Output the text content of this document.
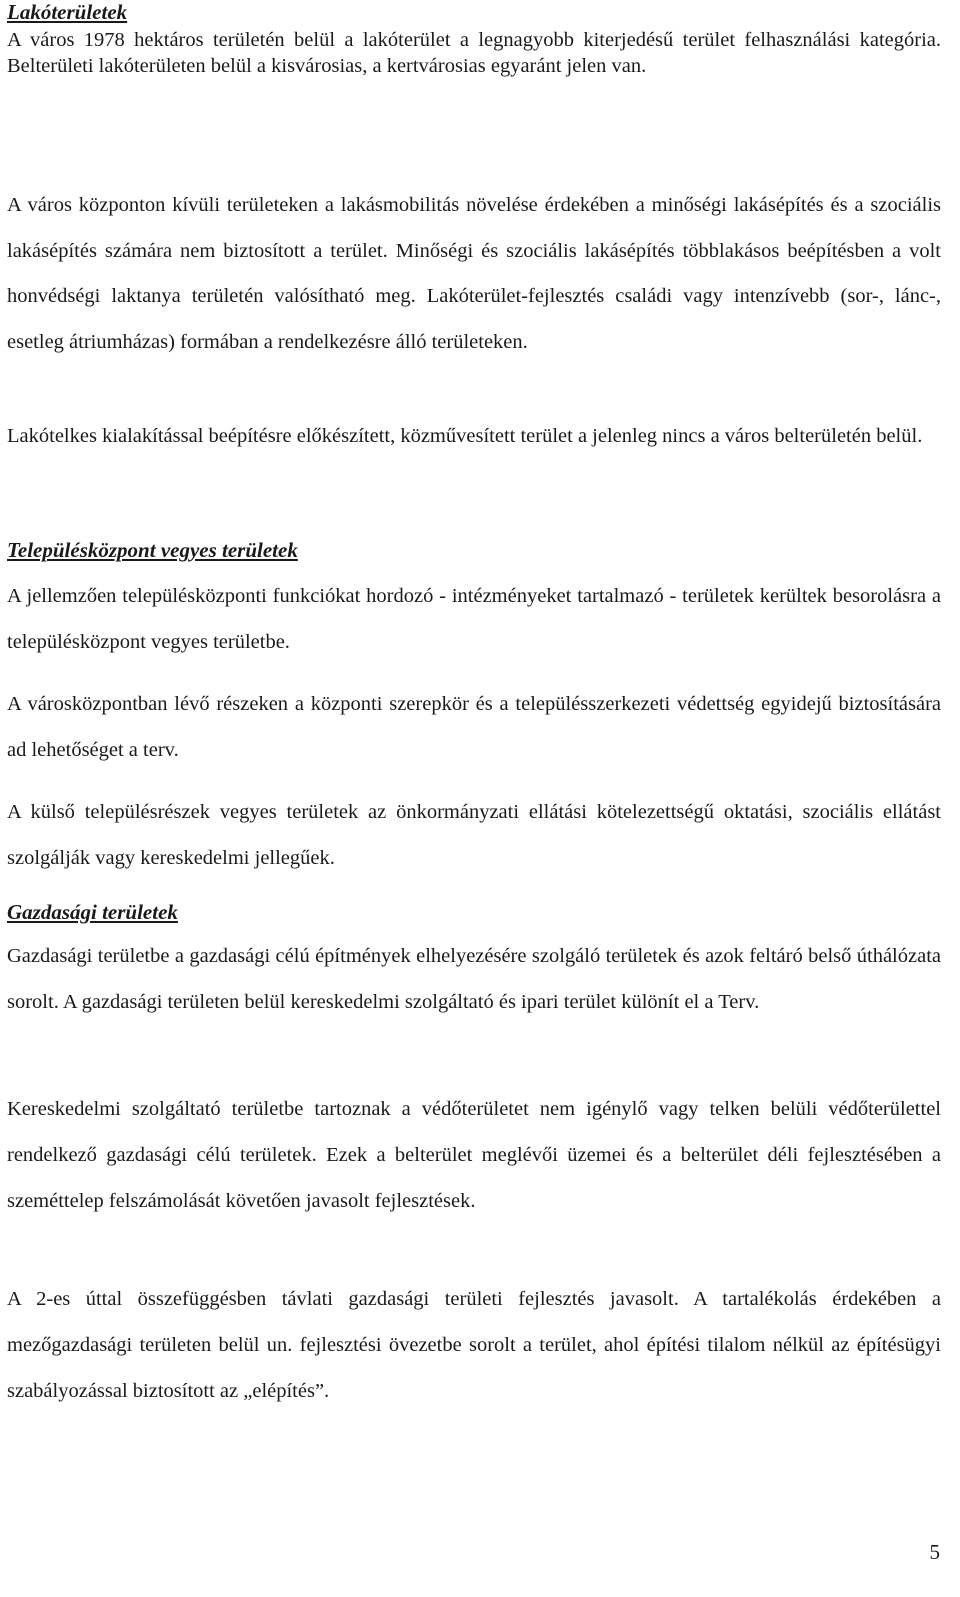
Lakóterületek

A város 1978 hektáros területén belül a lakóterület a legnagyobb kiterjedésű terület felhasználási kategória. Belterületi lakóterületen belül a kisvárosias, a kertvárosias egyaránt jelen van.

A város központon kívüli területeken a lakásmobilitás növelése érdekében a minőségi lakásépítés és a szociális lakásépítés számára nem biztosított a terület. Minőségi és szociális lakásépítés többlakásos beépítésben a volt honvédségi laktanya területén valósítható meg. Lakóterület-fejlesztés családi vagy intenzívebb (sor-, lánc-, esetleg átriumházas) formában a rendelkezésre álló területeken.

Lakótelkes kialakítással beépítésre előkészített, közművesített terület a jelenleg nincs a város belterületén belül.

Településközpont vegyes területek

A jellemzően településközponti funkciókat hordozó - intézményeket tartalmazó - területek kerültek besorolásra a településközpont vegyes területbe.

A városközpontban lévő részeken a központi szerepkör és a településszerkezeti védettség egyidejű biztosítására ad lehetőséget a terv.

A külső településrészek vegyes területek az önkormányzati ellátási kötelezettségű oktatási, szociális ellátást szolgálják vagy kereskedelmi jellegűek.

Gazdasági területek

Gazdasági területbe a gazdasági célú építmények elhelyezésére szolgáló területek és azok feltáró belső úthálózata sorolt. A gazdasági területen belül kereskedelmi szolgáltató és ipari terület különít el a Terv.

Kereskedelmi szolgáltató területbe tartoznak a védőterületet nem igénylő vagy telken belüli védőterülettel rendelkező gazdasági célú területek. Ezek a belterület meglévői üzemei és a belterület déli fejlesztésében a szeméttelep felszámolását követően javasolt fejlesztések.

A 2-es úttal összefüggésben távlati gazdasági területi fejlesztés javasolt. A tartalékolás érdekében a mezőgazdasági területen belül un. fejlesztési övezetbe sorolt a terület, ahol építési tilalom nélkül az építésügyi szabályozással biztosított az „elépítés”.

5
